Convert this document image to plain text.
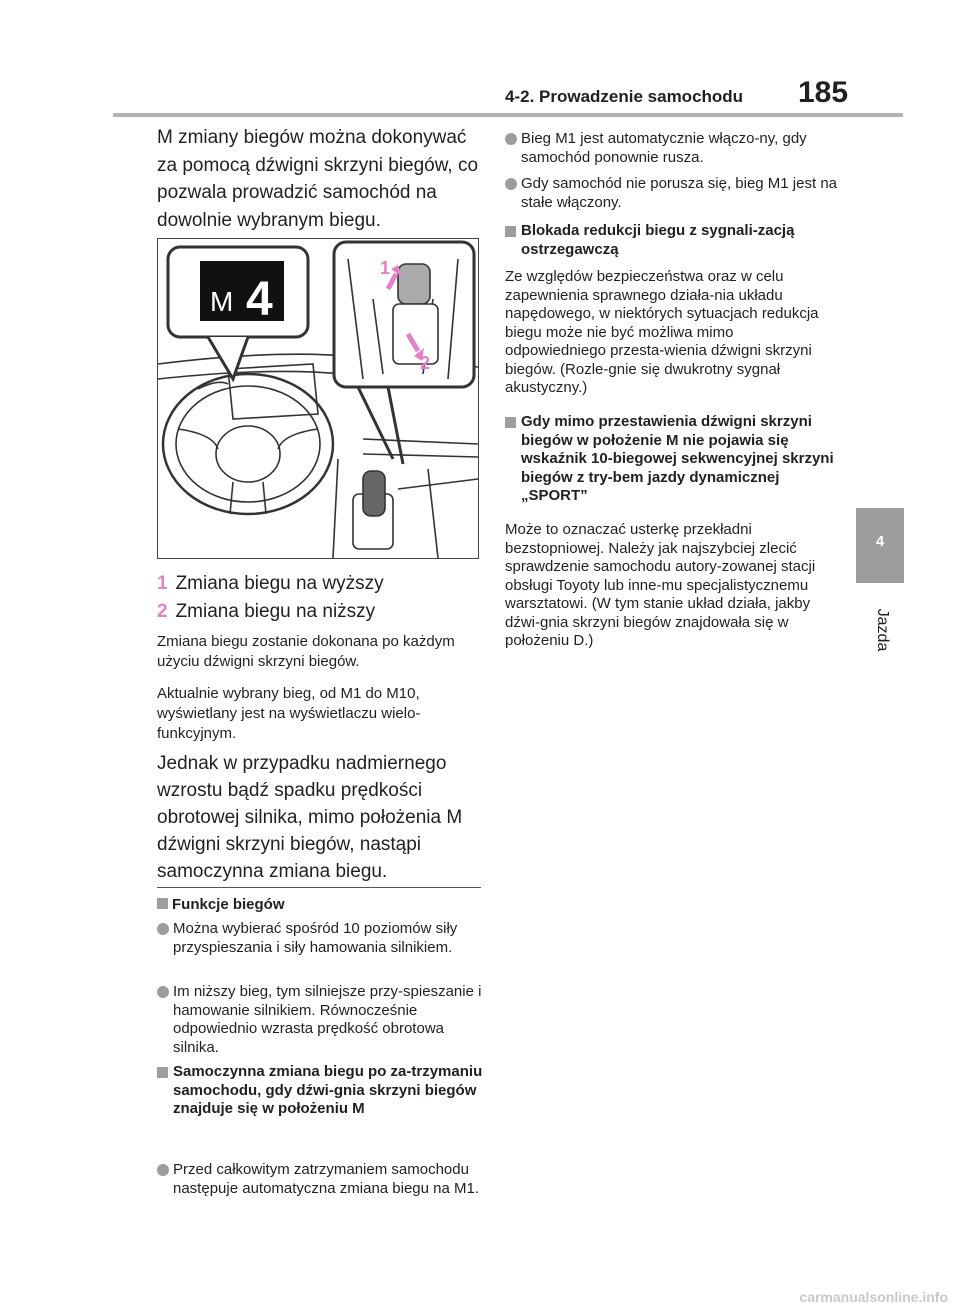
4-2. Prowadzenie samochodu 185
4
Jazda
M zmiany biegów można dokonywać za pomocą dźwigni skrzyni biegów, co pozwala prowadzić samochód na dowolnie wybranym biegu.
M 4
1
2
1 Zmiana biegu na wyższy
2 Zmiana biegu na niższy
Zmiana biegu zostanie dokonana po każdym użyciu dźwigni skrzyni biegów.
Aktualnie wybrany bieg, od M1 do M10, wyświetlany jest na wyświetlaczu wielo-funkcyjnym.
Jednak w przypadku nadmiernego wzrostu bądź spadku prędkości obrotowej silnika, mimo położenia M dźwigni skrzyni biegów, nastąpi samoczynna zmiana biegu.
Funkcje biegów
Można wybierać spośród 10 poziomów siły przyspieszania i siły hamowania silnikiem.
Im niższy bieg, tym silniejsze przy-spieszanie i hamowanie silnikiem. Równocześnie odpowiednio wzrasta prędkość obrotowa silnika.
Samoczynna zmiana biegu po za-trzymaniu samochodu, gdy dźwi-gnia skrzyni biegów znajduje się w położeniu M
Przed całkowitym zatrzymaniem samochodu następuje automatyczna zmiana biegu na M1.
Bieg M1 jest automatycznie włączo-ny, gdy samochód ponownie rusza.
Gdy samochód nie porusza się, bieg M1 jest na stałe włączony.
Blokada redukcji biegu z sygnali-zacją ostrzegawczą
Ze względów bezpieczeństwa oraz w celu zapewnienia sprawnego działa-nia układu napędowego, w niektórych sytuacjach redukcja biegu może nie być możliwa mimo odpowiedniego przesta-wienia dźwigni skrzyni biegów. (Rozle-gnie się dwukrotny sygnał akustyczny.)
Gdy mimo przestawienia dźwigni skrzyni biegów w położenie M nie pojawia się wskaźnik 10-biegowej sekwencyjnej skrzyni biegów z try-bem jazdy dynamicznej „SPORT”
Może to oznaczać usterkę przekładni bezstopniowej. Należy jak najszybciej zlecić sprawdzenie samochodu autory-zowanej stacji obsługi Toyoty lub inne-mu specjalistycznemu warsztatowi. (W tym stanie układ działa, jakby dźwi-gnia skrzyni biegów znajdowała się w położeniu D.)
carmanualsonline.info
